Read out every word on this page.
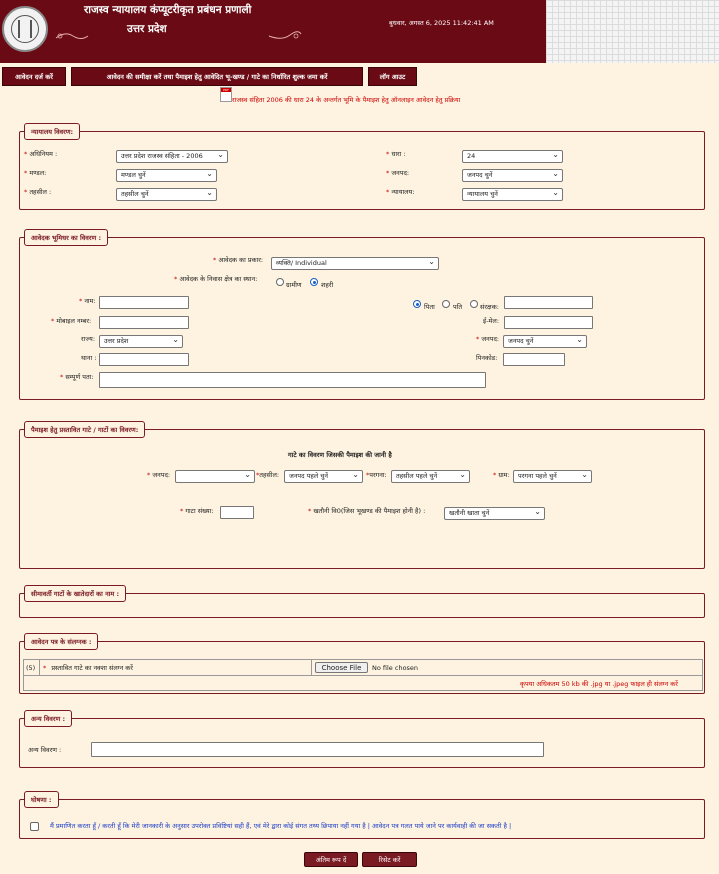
राजस्व न्यायालय कंप्यूटरीकृत प्रबंधन प्रणाली
उत्तर प्रदेश	बुधवार, अगस्त 6, 2025 11:42:41 AM
आवेदन दर्ज करें	आवेदन की समीक्षा करें तथा पैमाइश हेतु आवेदित भू-खण्ड / गाटे का निर्धारित शुल्क जमा करें	लॉग आउट
PDF
राजस्व संहिता 2006 की धारा 24 के अन्तर्गत भूमि के पैमाइश हेतु ऑनलाइन आवेदन हेतु प्रक्रिया
न्यायालय विवरण:
* अधिनियम :	उत्तर प्रदेश राजस्व संहिता - 2006 ⌄	* धारा :	24 ⌄
* मण्डल:	मण्डल चुनें ⌄	* जनपद:	जनपद चुनें ⌄
* तहसील :	तहसील चुनें ⌄	* न्यायालय:	न्यायालय चुनें ⌄
आवेदक भूमिधर का विवरण :
* आवेदक का प्रकार:	व्यक्ति/ Individual ⌄
* आवेदक के निवास क्षेत्र का स्थान:
ग्रामीण	शहरी
* नाम:
पिता	पति	संरक्षक:
* मोबाइल नम्बर:	ई-मेल:
राज्य:	उत्तर प्रदेश ⌄	* जनपद:	जनपद चुनें ⌄
थाना :	पिनकोड:
* सम्पूर्ण पता:
पैमाइश हेतु प्रस्तावित गाटे / गाटों का विवरण:
गाटे का विवरण जिसकी पैमाइश की जानी है
* जनपद:
⌄	*तहसील:	जनपद पहले चुनें ⌄	*परगना:	तहसील पहले चुनें ⌄	* ग्राम:	परगना पहले चुनें ⌄
* गाटा संख्या:	* खतौनी वि0(जिस भूखण्ड की पैमाइश होनी है) :	खतौनी खाता चुनें ⌄
सीमावर्ती गाटों के खातेदारों का नाम :
आवेदन पत्र के संलग्नक :
(5) * प्रस्तावित गाटे का नक्शा संलग्न करें	Choose File	No file chosen
कृपया अधिकतम 50 kb की .jpg या .jpeg फाइल ही संलग्न करें
अन्य विवरण :
अन्य विवरण :
घोषणा :
मैं प्रमाणित करता हूँ / करती हूँ कि मेरी जानकारी के अनुसार उपरोक्त प्रविष्टियां सही हैं, एवं मेरे द्वारा कोई संगत तथ्य छिपाया नहीं गया है | आवेदन पत्र गलत पाये जाने पर कार्यवाही की जा सकती है |
अंतिम रूप दें	रिसेट करें
